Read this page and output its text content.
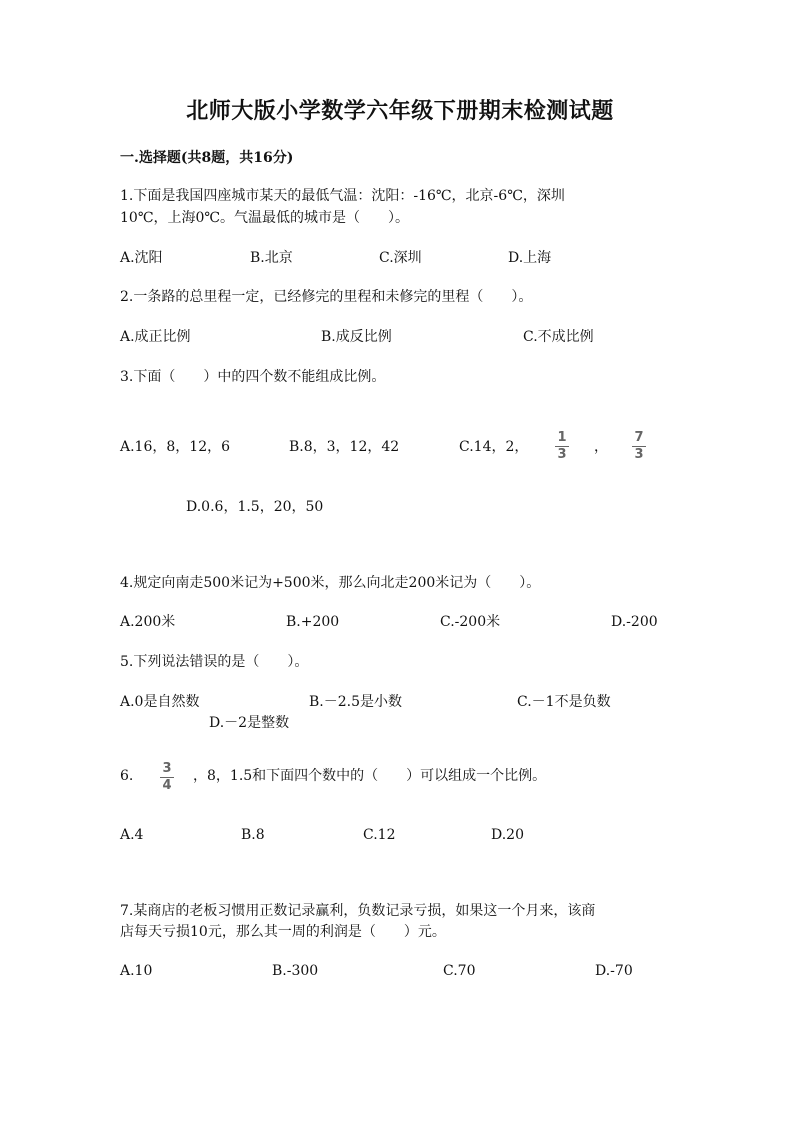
北师大版小学数学六年级下册期末检测试题
一.选择题(共8题，共16分)
1.下面是我国四座城市某天的最低气温：沈阳：-16℃，北京-6℃，深圳
10℃，上海0℃。气温最低的城市是（　　）。
A.沈阳	B.北京	C.深圳	D.上海
2.一条路的总里程一定，已经修完的里程和未修完的里程（　　）。
A.成正比例	B.成反比例	C.不成比例
3.下面（　　）中的四个数不能组成比例。
A.16，8，12，6	B.8，3，12，42	C.14，2，
1
3 ，
7
3
D.0.6，1.5，20，50
4.规定向南走500米记为+500米，那么向北走200米记为（　　）。
A.200米	B.+200	C.-200米	D.-200
5.下列说法错误的是（　　）。
A.0是自然数	B.－2.5是小数	C.－1不是负数
D.－2是整数
6. 3
4
，8，1.5和下面四个数中的（　　）可以组成一个比例。
A.4	B.8	C.12	D.20
7.某商店的老板习惯用正数记录赢利，负数记录亏损，如果这一个月来，该商
店每天亏损10元，那么其一周的利润是（　　）元。
A.10	B.-300	C.70	D.-70
